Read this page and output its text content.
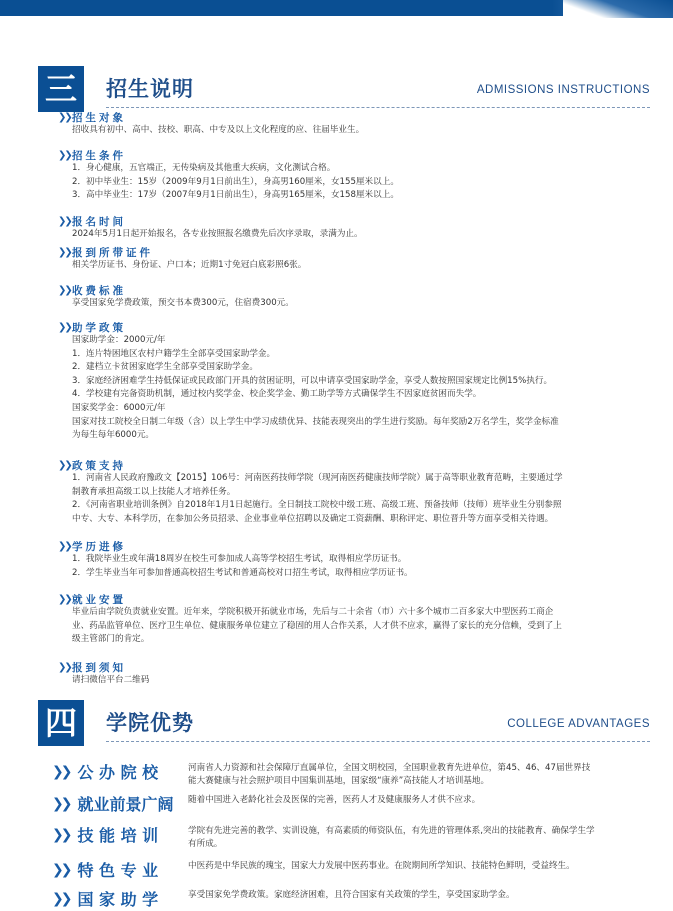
三	招生说明	ADMISSIONS INSTRUCTIONS
❯❯ 招生对象
招收具有初中、高中、技校、职高、中专及以上文化程度的应、往届毕业生。
❯❯ 招生条件
1．身心健康，五官端正，无传染病及其他重大疾病，文化测试合格。
2．初中毕业生：15岁（2009年9月1日前出生），身高男160厘米，女155厘米以上。
3．高中毕业生：17岁（2007年9月1日前出生），身高男165厘米，女158厘米以上。
❯❯ 报名时间
2024年5月1日起开始报名，各专业按照报名缴费先后次序录取，录满为止。
❯❯ 报到所带证件
相关学历证书、身份证、户口本；近期1寸免冠白底彩照6张。
❯❯ 收费标准
享受国家免学费政策，预交书本费300元，住宿费300元。
❯❯ 助学政策
国家助学金：2000元/年
1．连片特困地区农村户籍学生全部享受国家助学金。
2．建档立卡贫困家庭学生全部享受国家助学金。
3．家庭经济困难学生持低保证或民政部门开具的贫困证明，可以申请享受国家助学金，享受人数按照国家规定比例15%执行。
4．学校建有完备资助机制，通过校内奖学金、校企奖学金、勤工助学等方式确保学生不因家庭贫困而失学。
国家奖学金：6000元/年
国家对技工院校全日制二年级（含）以上学生中学习成绩优异、技能表现突出的学生进行奖励。每年奖励2万名学生，奖学金标准
为每生每年6000元。
❯❯ 政策支持
1．河南省人民政府豫政文【2015】106号：河南医药技师学院（现河南医药健康技师学院）属于高等职业教育范畴，主要通过学
制教育承担高级工以上技能人才培养任务。
2．《河南省职业培训条例》自2018年1月1日起施行。全日制技工院校中级工班、高级工班、预备技师（技师）班毕业生分别参照
中专、大专、本科学历，在参加公务员招录、企业事业单位招聘以及确定工资薪酬、职称评定、职位晋升等方面享受相关待遇。
❯❯ 学历进修
1．我院毕业生或年满18周岁在校生可参加成人高等学校招生考试，取得相应学历证书。
2．学生毕业当年可参加普通高校招生考试和普通高校对口招生考试，取得相应学历证书。
❯❯ 就业安置
毕业后由学院负责就业安置。近年来，学院积极开拓就业市场，先后与二十余省（市）六十多个城市二百多家大中型医药工商企
业、药品监管单位、医疗卫生单位、健康服务单位建立了稳固的用人合作关系，人才供不应求，赢得了家长的充分信赖，受到了上
级主管部门的肯定。
❯❯ 报到须知
请扫微信平台二维码
四	学院优势	COLLEGE ADVANTAGES
❯❯ 公 办 院 校	河南省人力资源和社会保障厅直属单位，全国文明校园，全国职业教育先进单位，第45、46、47届世界技
能大赛健康与社会照护项目中国集训基地，国家级“康养”高技能人才培训基地。
❯❯ 就业前景广阔 随着中国进入老龄化社会及医保的完善，医药人才及健康服务人才供不应求。
❯❯ 技 能 培 训	学院有先进完善的教学、实训设施，有高素质的师资队伍，有先进的管理体系,突出的技能教育、确保学生学
有所成。
❯❯ 特 色 专 业	中医药是中华民族的瑰宝，国家大力发展中医药事业。在院期间所学知识、技能特色鲜明，受益终生。
❯❯ 国 家 助 学	享受国家免学费政策。家庭经济困难，且符合国家有关政策的学生，享受国家助学金。
